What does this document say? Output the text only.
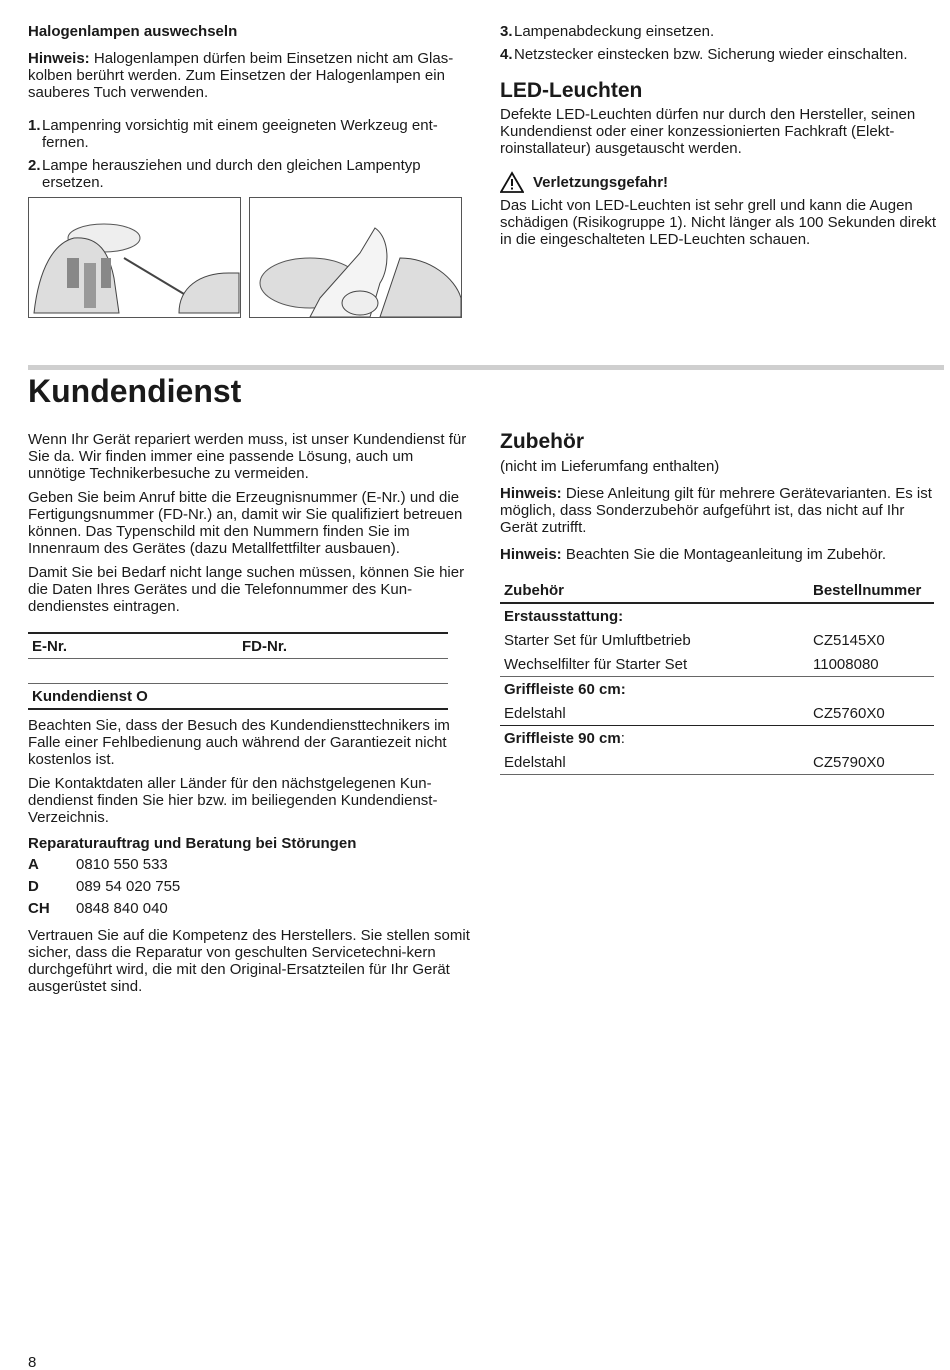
Halogenlampen auswechseln

Hinweis: Halogenlampen dürfen beim Einsetzen nicht am Glas-kolben berührt werden. Zum Einsetzen der Halogenlampen ein sauberes Tuch verwenden.

1. Lampenring vorsichtig mit einem geeigneten Werkzeug ent-fernen.
2. Lampe herausziehen und durch den gleichen Lampentyp ersetzen.
3. Lampenabdeckung einsetzen.
4. Netzstecker einstecken bzw. Sicherung wieder einschalten.

LED-Leuchten

Defekte LED-Leuchten dürfen nur durch den Hersteller, seinen Kundendienst oder einer konzessionierten Fachkraft (Elekt-roinstallateur) ausgetauscht werden.

Verletzungsgefahr!

Das Licht von LED-Leuchten ist sehr grell und kann die Augen schädigen (Risikogruppe 1). Nicht länger als 100 Sekunden direkt in die eingeschalteten LED-Leuchten schauen.

Kundendienst

Wenn Ihr Gerät repariert werden muss, ist unser Kundendienst für Sie da. Wir finden immer eine passende Lösung, auch um unnötige Technikerbesuche zu vermeiden.

Geben Sie beim Anruf bitte die Erzeugnisnummer (E-Nr.) und die Fertigungsnummer (FD-Nr.) an, damit wir Sie qualifiziert betreuen können. Das Typenschild mit den Nummern finden Sie im Innenraum des Gerätes (dazu Metallfettfilter ausbauen).

Damit Sie bei Bedarf nicht lange suchen müssen, können Sie hier die Daten Ihres Gerätes und die Telefonnummer des Kun-dendienstes eintragen.

E-Nr.	FD-Nr.
Kundendienst O

Beachten Sie, dass der Besuch des Kundendiensttechnikers im Falle einer Fehlbedienung auch während der Garantiezeit nicht kostenlos ist.

Die Kontaktdaten aller Länder für den nächstgelegenen Kun-dendienst finden Sie hier bzw. im beiliegenden Kundendienst-Verzeichnis.

Reparaturauftrag und Beratung bei Störungen

A	0810 550 533
D	089 54 020 755
CH	0848 840 040

Vertrauen Sie auf die Kompetenz des Herstellers. Sie stellen somit sicher, dass die Reparatur von geschulten Servicetechni-kern durchgeführt wird, die mit den Original-Ersatzteilen für Ihr Gerät ausgerüstet sind.

Zubehör

(nicht im Lieferumfang enthalten)

Hinweis: Diese Anleitung gilt für mehrere Gerätevarianten. Es ist möglich, dass Sonderzubehör aufgeführt ist, das nicht auf Ihr Gerät zutrifft.

Hinweis: Beachten Sie die Montageanleitung im Zubehör.

Zubehör	Bestellnummer
Erstausstattung:	
Starter Set für Umluftbetrieb	CZ5145X0
Wechselfilter für Starter Set	11008080
Griffleiste 60 cm:	
Edelstahl	CZ5760X0
Griffleiste 90 cm:	
Edelstahl	CZ5790X0
8
